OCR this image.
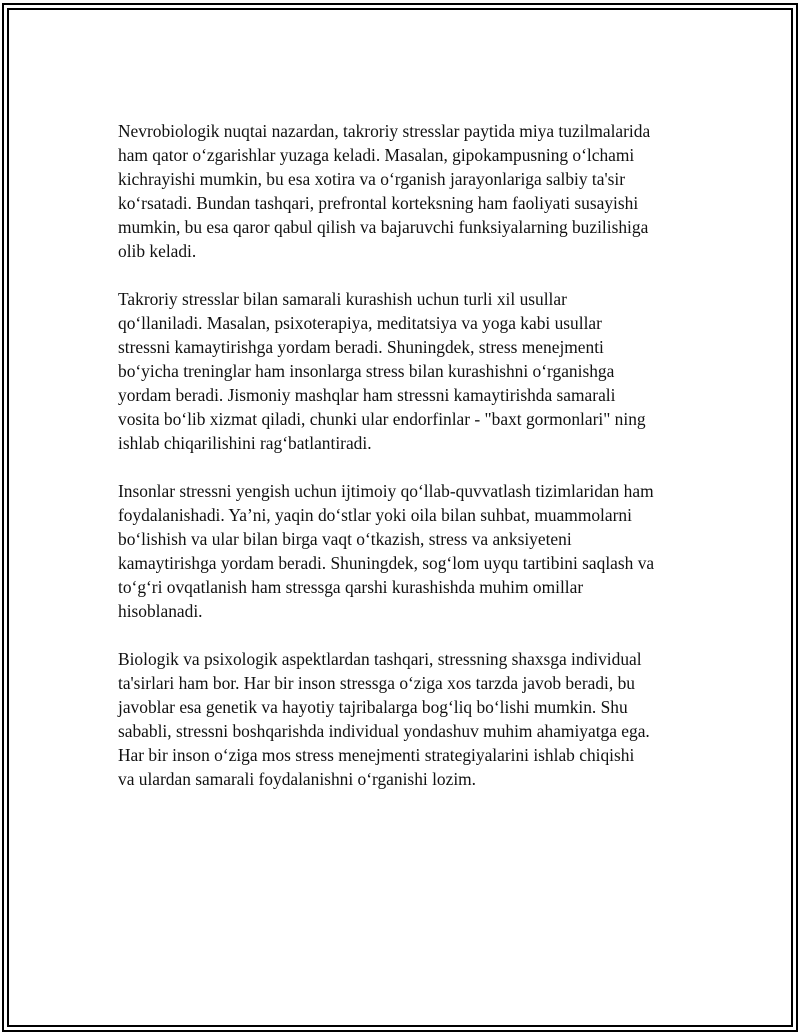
Nevrobiologik nuqtai nazardan, takroriy stresslar paytida miya tuzilmalarida
ham qator o‘zgarishlar yuzaga keladi. Masalan, gipokampusning o‘lchami
kichrayishi mumkin, bu esa xotira va o‘rganish jarayonlariga salbiy ta'sir
ko‘rsatadi. Bundan tashqari, prefrontal korteksning ham faoliyati susayishi
mumkin, bu esa qaror qabul qilish va bajaruvchi funksiyalarning buzilishiga
olib keladi.

Takroriy stresslar bilan samarali kurashish uchun turli xil usullar
qo‘llaniladi. Masalan, psixoterapiya, meditatsiya va yoga kabi usullar
stressni kamaytirishga yordam beradi. Shuningdek, stress menejmenti
bo‘yicha treninglar ham insonlarga stress bilan kurashishni o‘rganishga
yordam beradi. Jismoniy mashqlar ham stressni kamaytirishda samarali
vosita bo‘lib xizmat qiladi, chunki ular endorfinlar - "baxt gormonlari" ning
ishlab chiqarilishini rag‘batlantiradi.

Insonlar stressni yengish uchun ijtimoiy qo‘llab-quvvatlash tizimlaridan ham
foydalanishadi. Ya’ni, yaqin do‘stlar yoki oila bilan suhbat, muammolarni
bo‘lishish va ular bilan birga vaqt o‘tkazish, stress va anksiyeteni
kamaytirishga yordam beradi. Shuningdek, sog‘lom uyqu tartibini saqlash va
to‘g‘ri ovqatlanish ham stressga qarshi kurashishda muhim omillar
hisoblanadi.

Biologik va psixologik aspektlardan tashqari, stressning shaxsga individual
ta'sirlari ham bor. Har bir inson stressga o‘ziga xos tarzda javob beradi, bu
javoblar esa genetik va hayotiy tajribalarga bog‘liq bo‘lishi mumkin. Shu
sababli, stressni boshqarishda individual yondashuv muhim ahamiyatga ega.
Har bir inson o‘ziga mos stress menejmenti strategiyalarini ishlab chiqishi
va ulardan samarali foydalanishni o‘rganishi lozim.
